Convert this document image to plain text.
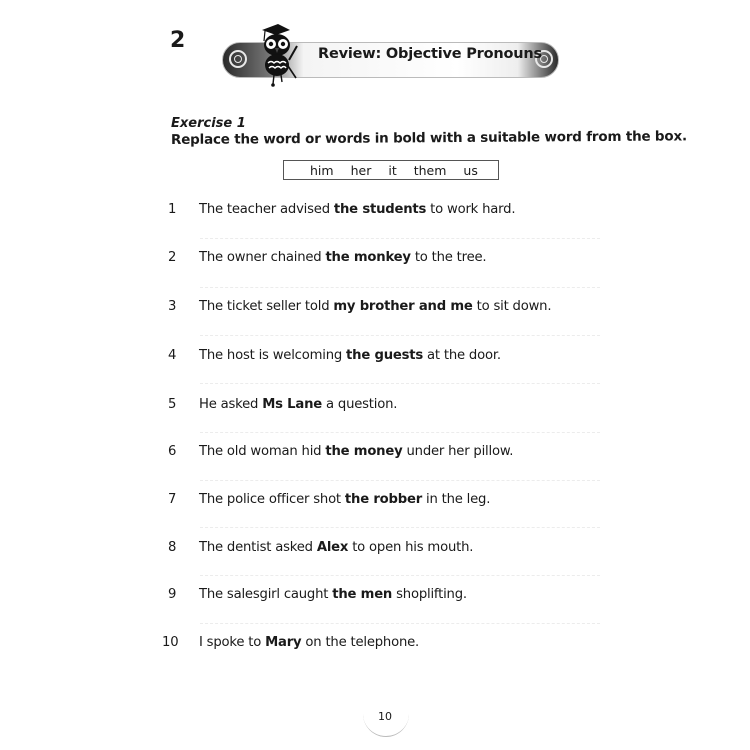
2
Review: Objective Pronouns
Exercise 1
Replace the word or words in bold with a suitable word from the box.
him her it them us
1 The teacher advised the students to work hard.
2 The owner chained the monkey to the tree.
3 The ticket seller told my brother and me to sit down.
4 The host is welcoming the guests at the door.
5 He asked Ms Lane a question.
6 The old woman hid the money under her pillow.
7 The police officer shot the robber in the leg.
8 The dentist asked Alex to open his mouth.
9 The salesgirl caught the men shoplifting.
10 I spoke to Mary on the telephone.
10
